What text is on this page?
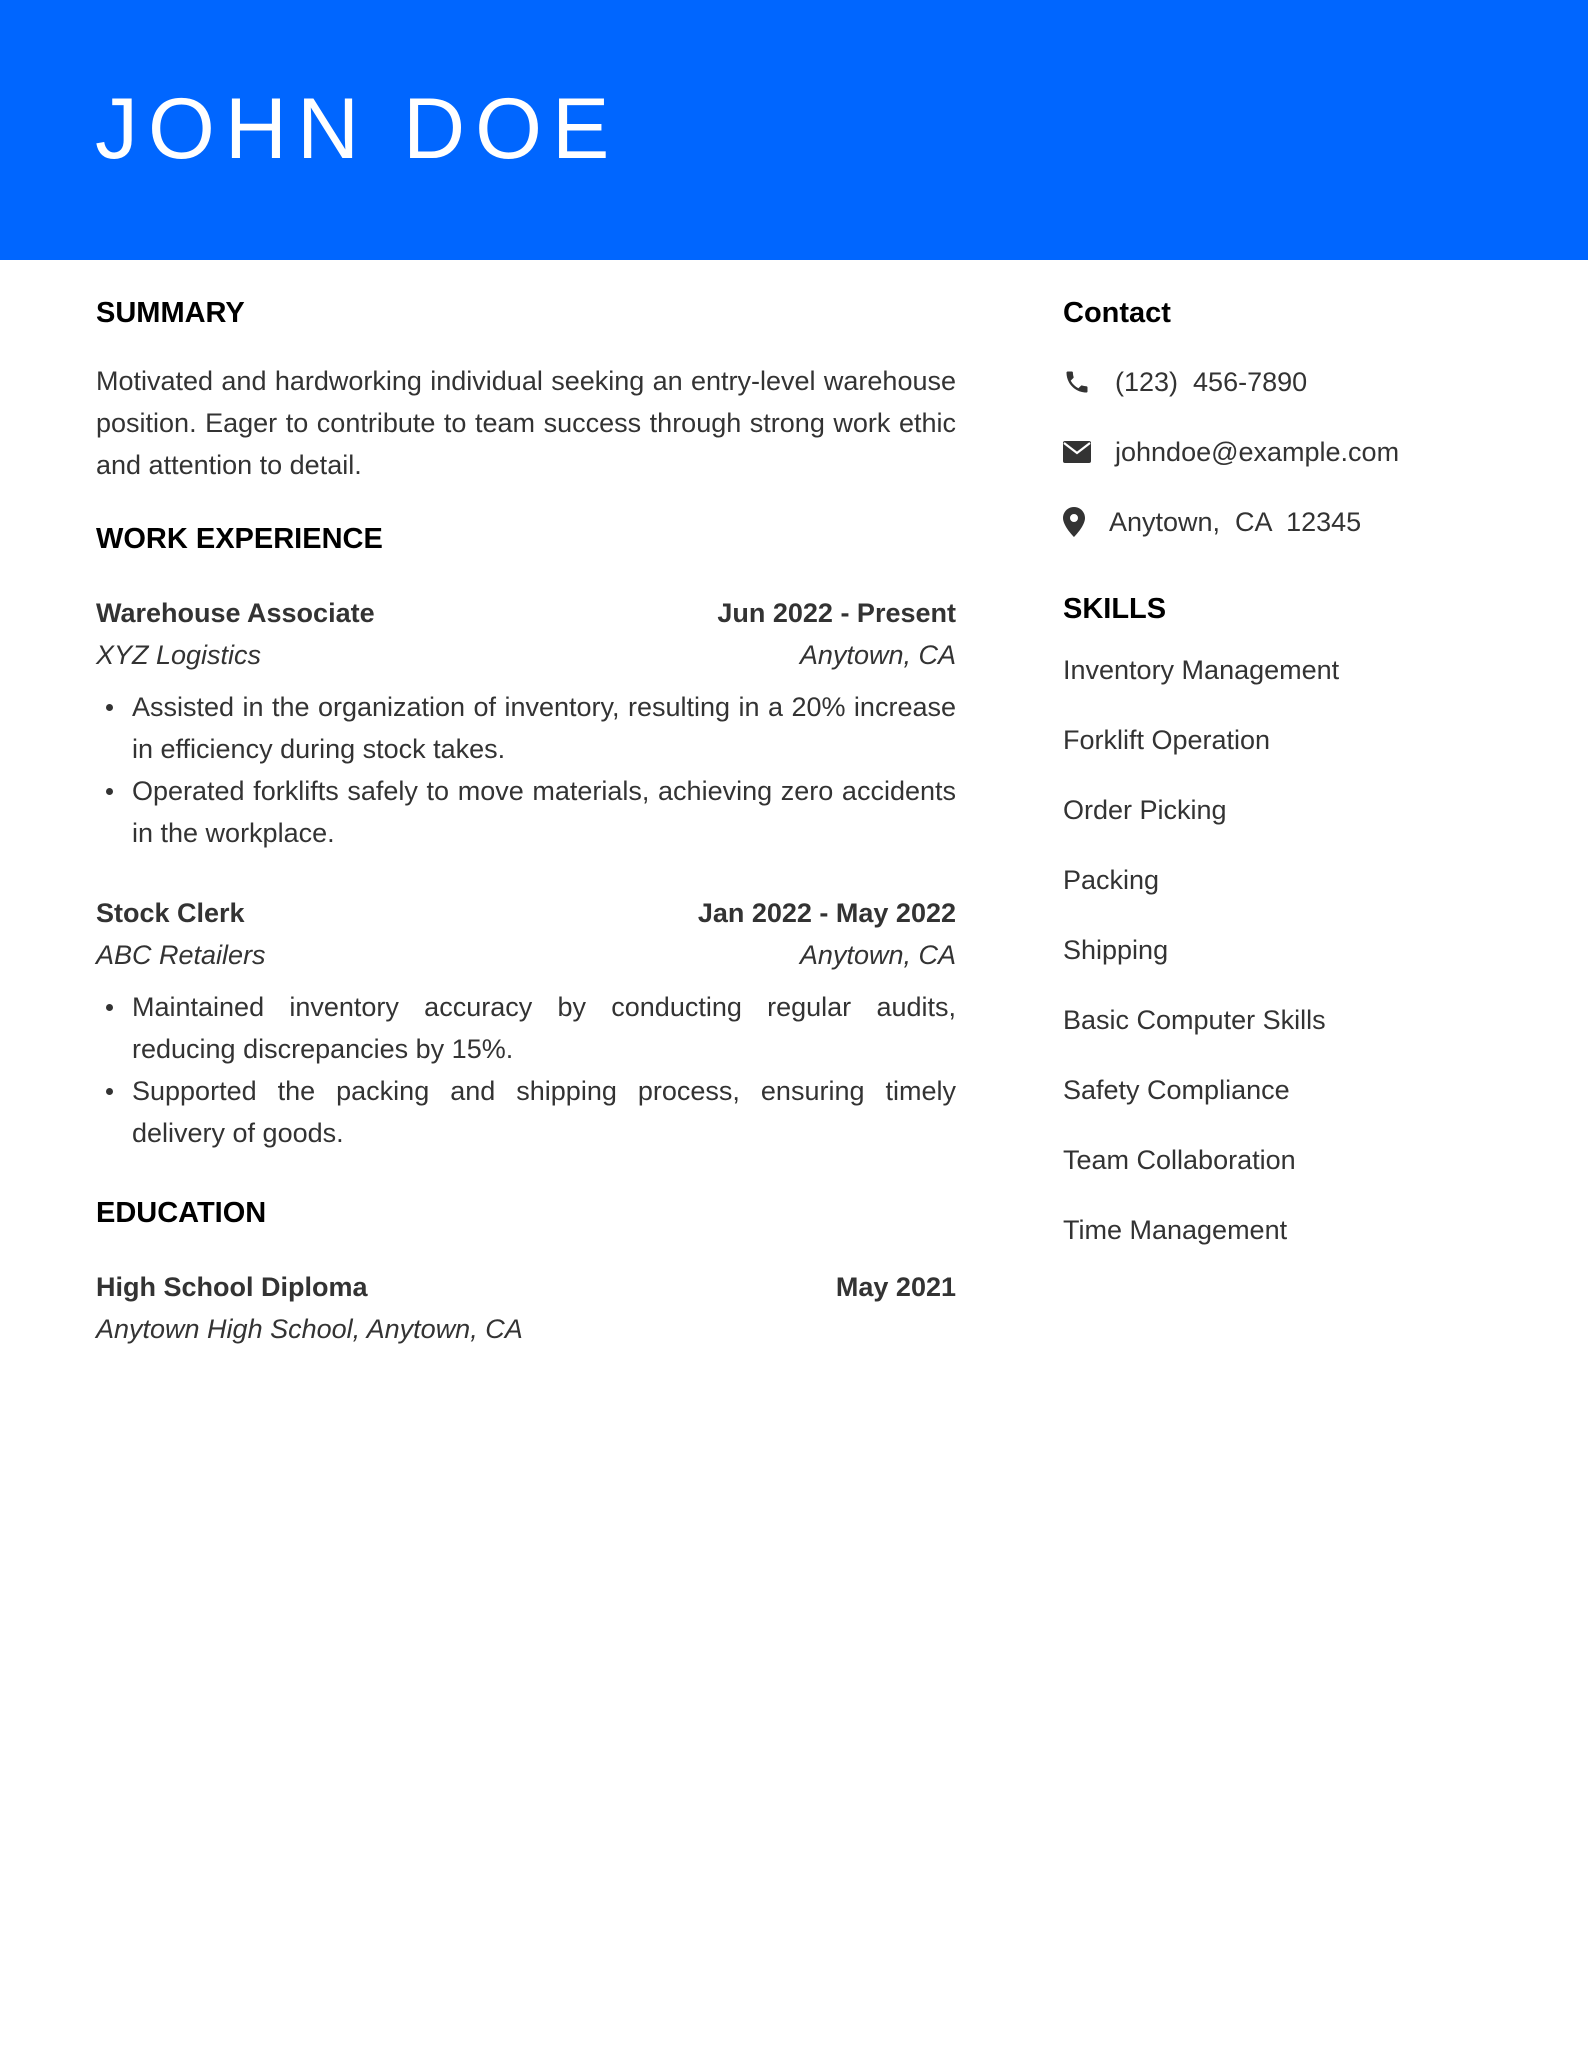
JOHN DOE
SUMMARY

Motivated and hardworking individual seeking an entry-level warehouse position. Eager to contribute to team success through strong work ethic and attention to detail.

WORK EXPERIENCE
Warehouse Associate	Jun 2022 - Present
XYZ Logistics	Anytown, CA
Assisted in the organization of inventory, resulting in a 20% increase in efficiency during stock takes.
Operated forklifts safely to move materials, achieving zero accidents in the workplace.
Stock Clerk	Jan 2022 - May 2022
ABC Retailers	Anytown, CA
Maintained inventory accuracy by conducting regular audits, reducing discrepancies by 15%.
Supported the packing and shipping process, ensuring timely delivery of goods.
EDUCATION
High School Diploma	May 2021
Anytown High School, Anytown, CA
Contact
(123)  456-7890
johndoe@example.com
Anytown,  CA  12345
SKILLS
Inventory Management
Forklift Operation
Order Picking
Packing
Shipping
Basic Computer Skills
Safety Compliance
Team Collaboration
Time Management
